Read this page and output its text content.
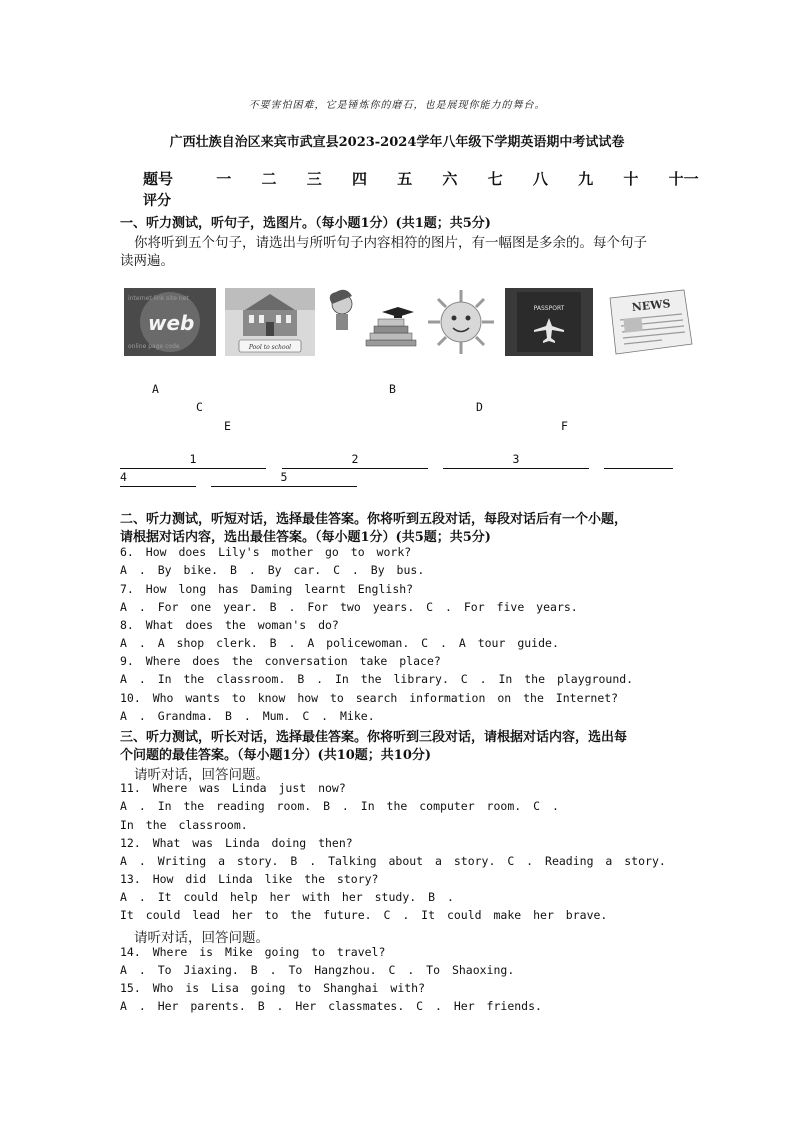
不要害怕困难，它是锤炼你的磨石，也是展现你能力的舞台。
广西壮族自治区来宾市武宣县2023-2024学年八年级下学期英语期中考试试卷
题号	一 二 三 四 五 六 七 八 九 十 十一
评分
一、听力测试，听句子，选图片。（每小题1分）(共1题；共5分)
你将听到五个句子，请选出与所听句子内容相符的图片，有一幅图是多余的。每个句子
读两遍。
internet link site net
online page code
web
Pool to school
PASSPORT	NEWS
A	B
C	D
E	F
1	2	3
4	5
二、听力测试，听短对话，选择最佳答案。你将听到五段对话，每段对话后有一个小题，
请根据对话内容，选出最佳答案。（每小题1分）(共5题；共5分)
6. How does Lily's mother go to work?
A . By bike. B . By car. C . By bus.
7. How long has Daming learnt English?
A . For one year. B . For two years. C . For five years.
8. What does the woman's do?
A . A shop clerk. B . A policewoman. C . A tour guide.
9. Where does the conversation take place?
A . In the classroom. B . In the library. C . In the playground.
10. Who wants to know how to search information on the Internet?
A . Grandma. B . Mum. C . Mike.
三、听力测试，听长对话，选择最佳答案。你将听到三段对话，请根据对话内容，选出每
个问题的最佳答案。（每小题1分）(共10题；共10分)
请听对话，回答问题。
11. Where was Linda just now?
A . In the reading room. B . In the computer room. C .
In the classroom.
12. What was Linda doing then?
A . Writing a story. B . Talking about a story. C . Reading a story.
13. How did Linda like the story?
A . It could help her with her study. B .
It could lead her to the future. C . It could make her brave.
请听对话，回答问题。
14. Where is Mike going to travel?
A . To Jiaxing. B . To Hangzhou. C . To Shaoxing.
15. Who is Lisa going to Shanghai with?
A . Her parents. B . Her classmates. C . Her friends.
